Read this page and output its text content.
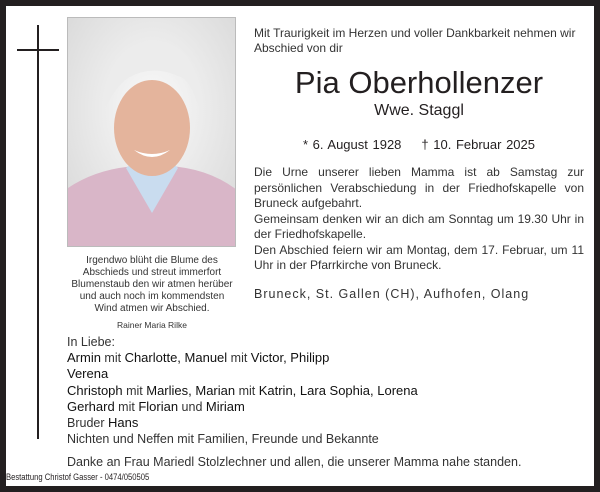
Irgendwo blüht die Blume des
Abschieds und streut immerfort
Blumenstaub den wir atmen herüber
und auch noch im kommendsten
Wind atmen wir Abschied.
Rainer Maria Rilke
Mit Traurigkeit im Herzen und voller Dankbarkeit nehmen wir Abschied von dir
Pia Oberhollenzer
Wwe. Staggl
* 6. August 1928 † 10. Februar 2025

Die Urne unserer lieben Mamma ist ab Samstag zur persönlichen Verabschiedung in der Friedhofskapelle von Bruneck aufgebahrt.

Gemeinsam denken wir an dich am Sonntag um 19.30 Uhr in der Friedhofskapelle.

Den Abschied feiern wir am Montag, dem 17. Februar, um 11 Uhr in der Pfarrkirche von Bruneck.

Bruneck, St. Gallen (CH), Aufhofen, Olang
In Liebe:
Armin mit Charlotte, Manuel mit Victor, Philipp
Verena
Christoph mit Marlies, Marian mit Katrin, Lara Sophia, Lorena
Gerhard mit Florian und Miriam
Bruder Hans
Nichten und Neffen mit Familien, Freunde und Bekannte
Danke an Frau Mariedl Stolzlechner und allen, die unserer Mamma nahe standen.
Bestattung Christof Gasser - 0474/050505
